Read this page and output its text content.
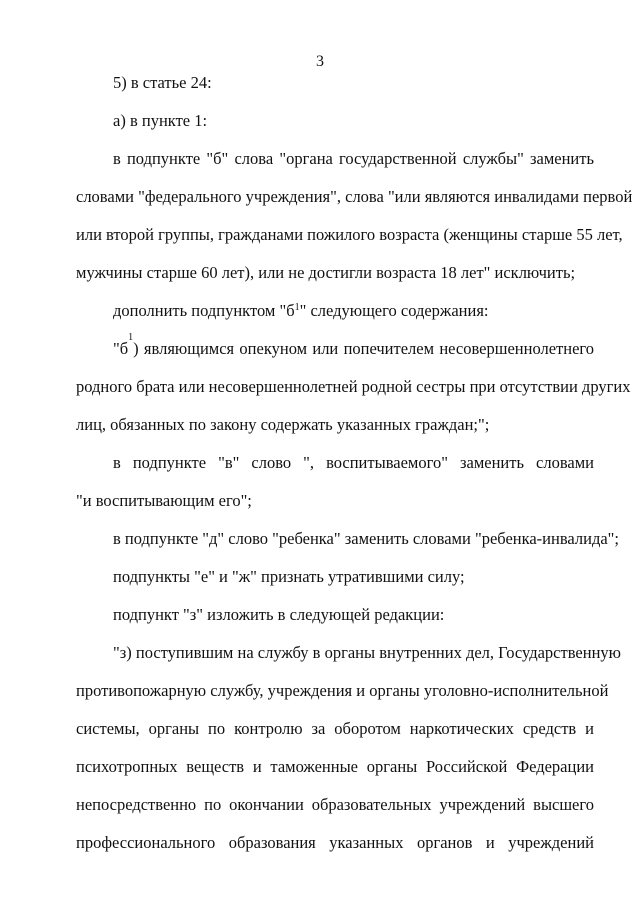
3
5) в статье 24:
а) в пункте 1:
в подпункте "б" слова "органа государственной службы" заменить
словами "федерального учреждения", слова "или являются инвалидами первой
или второй группы, гражданами пожилого возраста (женщины старше 55 лет,
мужчины старше 60 лет), или не достигли возраста 18 лет" исключить;
дополнить подпунктом "$б^1$" следующего содержания:
"б
1
) являющимся опекуном или попечителем несовершеннолетнего
родного брата или несовершеннолетней родной сестры при отсутствии других
лиц, обязанных по закону содержать указанных граждан;";
в подпункте "в" слово ", воспитываемого" заменить словами
"и воспитывающим его";
в подпункте "д" слово "ребенка" заменить словами "ребенка-инвалида";
подпункты "е" и "ж" признать утратившими силу;
подпункт "з" изложить в следующей редакции:
"з) поступившим на службу в органы внутренних дел, Государственную
противопожарную службу, учреждения и органы уголовно-исполнительной
системы, органы по контролю за оборотом наркотических средств и
психотропных веществ и таможенные органы Российской Федерации
непосредственно по окончании образовательных учреждений высшего
профессионального образования указанных органов и учреждений
